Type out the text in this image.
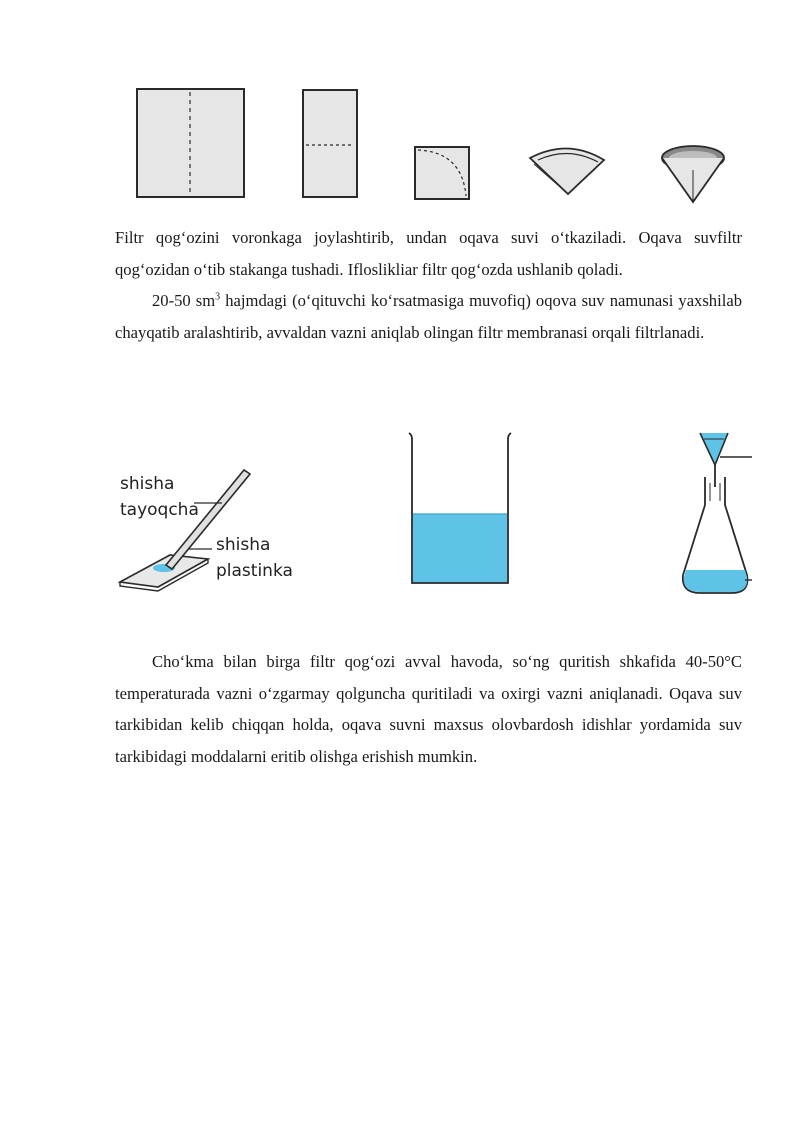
Filtr qog‘ozini voronkaga joylashtirib, undan oqava suvi o‘tkaziladi. Oqava suvfiltr qog‘ozidan o‘tib stakanga tushadi. Ifloslikliar filtr qog‘ozda ushlanib qoladi.

20-50 $sm^3$ hajmdagi (o‘qituvchi ko‘rsatmasiga muvofiq) oqova suv namunasi yaxshilab chayqatib aralashtirib, avvaldan vazni aniqlab olingan filtr membranasi orqali filtrlanadi.

shisha
tayoqcha
shisha
plastinka

Cho‘kma bilan birga filtr qog‘ozi avval havoda, so‘ng quritish shkafida 40-50°C temperaturada vazni o‘zgarmay qolguncha quritiladi va oxirgi vazni aniqlanadi. Oqava suv tarkibidan kelib chiqqan holda, oqava suvni maxsus olovbardosh idishlar yordamida suv tarkibidagi moddalarni eritib olishga erishish mumkin.
